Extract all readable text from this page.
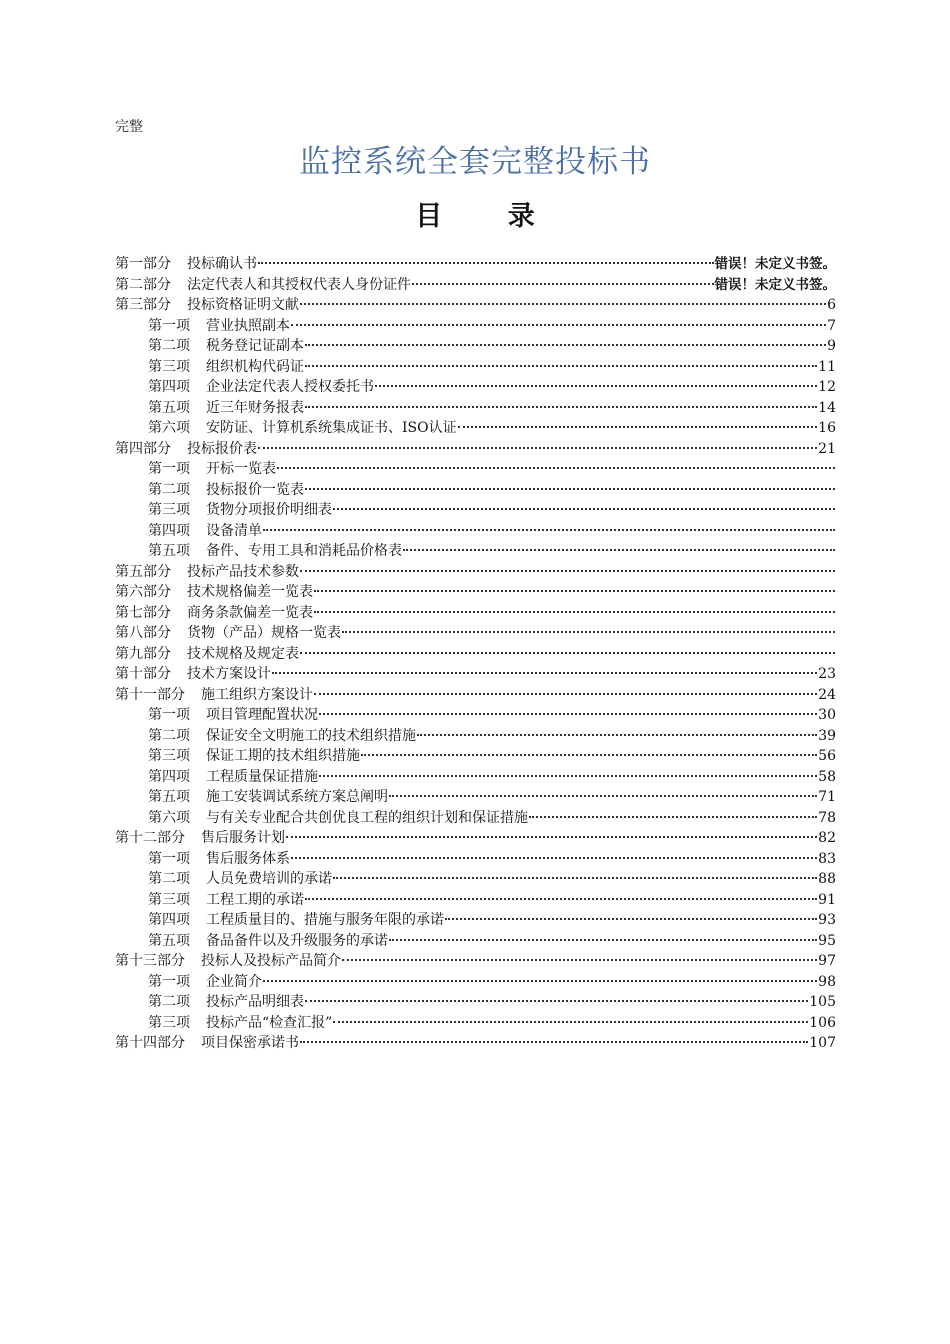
完整
监控系统全套完整投标书
目 录
第一部分 投标确认书	错误！未定义书签。
第二部分 法定代表人和其授权代表人身份证件	错误！未定义书签。
第三部分 投标资格证明文献	6
第一项 营业执照副本	7
第二项 税务登记证副本	9
第三项 组织机构代码证	11
第四项 企业法定代表人授权委托书	12
第五项 近三年财务报表	14
第六项 安防证、计算机系统集成证书、ISO认证	16
第四部分 投标报价表	21
第一项 开标一览表
第二项 投标报价一览表
第三项 货物分项报价明细表
第四项 设备清单
第五项 备件、专用工具和消耗品价格表
第五部分 投标产品技术参数
第六部分 技术规格偏差一览表
第七部分 商务条款偏差一览表
第八部分 货物（产品）规格一览表
第九部分 技术规格及规定表
第十部分 技术方案设计	23
第十一部分 施工组织方案设计	24
第一项 项目管理配置状况	30
第二项 保证安全文明施工的技术组织措施	39
第三项 保证工期的技术组织措施	56
第四项 工程质量保证措施	58
第五项 施工安装调试系统方案总阐明	71
第六项 与有关专业配合共创优良工程的组织计划和保证措施	78
第十二部分 售后服务计划	82
第一项 售后服务体系	83
第二项 人员免费培训的承诺	88
第三项 工程工期的承诺	91
第四项 工程质量目的、措施与服务年限的承诺	93
第五项 备品备件以及升级服务的承诺	95
第十三部分 投标人及投标产品简介	97
第一项 企业简介	98
第二项 投标产品明细表	105
第三项 投标产品“检查汇报”	106
第十四部分 项目保密承诺书	107
